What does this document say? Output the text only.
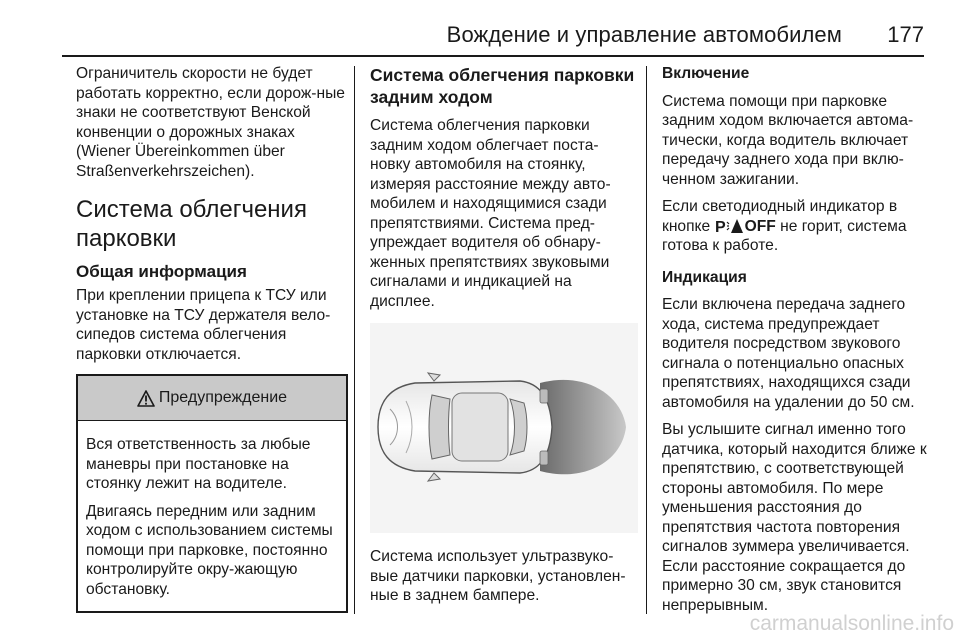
Вождение и управление автомобилем 177

Ограничитель скорости не будет работать корректно, если дорож-ные знаки не соответствуют Венской конвенции о дорожных знаках (Wiener Übereinkommen über Straßenverkehrszeichen).

Система облегчения парковки
Общая информация

При креплении прицепа к ТСУ или установке на ТСУ держателя вело-сипедов система облегчения парковки отключается.

Предупреждение

Вся ответственность за любые маневры при постановке на стоянку лежит на водителе.

Двигаясь передним или задним ходом с использованием системы помощи при парковке, постоянно контролируйте окру-жающую обстановку.

Система облегчения парковки задним ходом

Система облегчения парковки задним ходом облегчает поста-новку автомобиля на стоянку, измеряя расстояние между авто-мобилем и находящимися сзади препятствиями. Система пред-упреждает водителя об обнару-женных препятствиях звуковыми сигналами и индикацией на дисплее.

Система использует ультразвуко-вые датчики парковки, установлен-ные в заднем бампере.

Включение

Система помощи при парковке задним ходом включается автома-тически, когда водитель включает передачу заднего хода при вклю-ченном зажигании.

Если светодиодный индикатор в кнопке P OFF не горит, система готова к работе.

Индикация

Если включена передача заднего хода, система предупреждает водителя посредством звукового сигнала о потенциально опасных препятствиях, находящихся сзади автомобиля на удалении до 50 см.

Вы услышите сигнал именно того датчика, который находится ближе к препятствию, с соответствующей стороны автомобиля. По мере уменьшения расстояния до препятствия частота повторения сигналов зуммера увеличивается. Если расстояние сокращается до примерно 30 см, звук становится непрерывным.

carmanualsonline.info
